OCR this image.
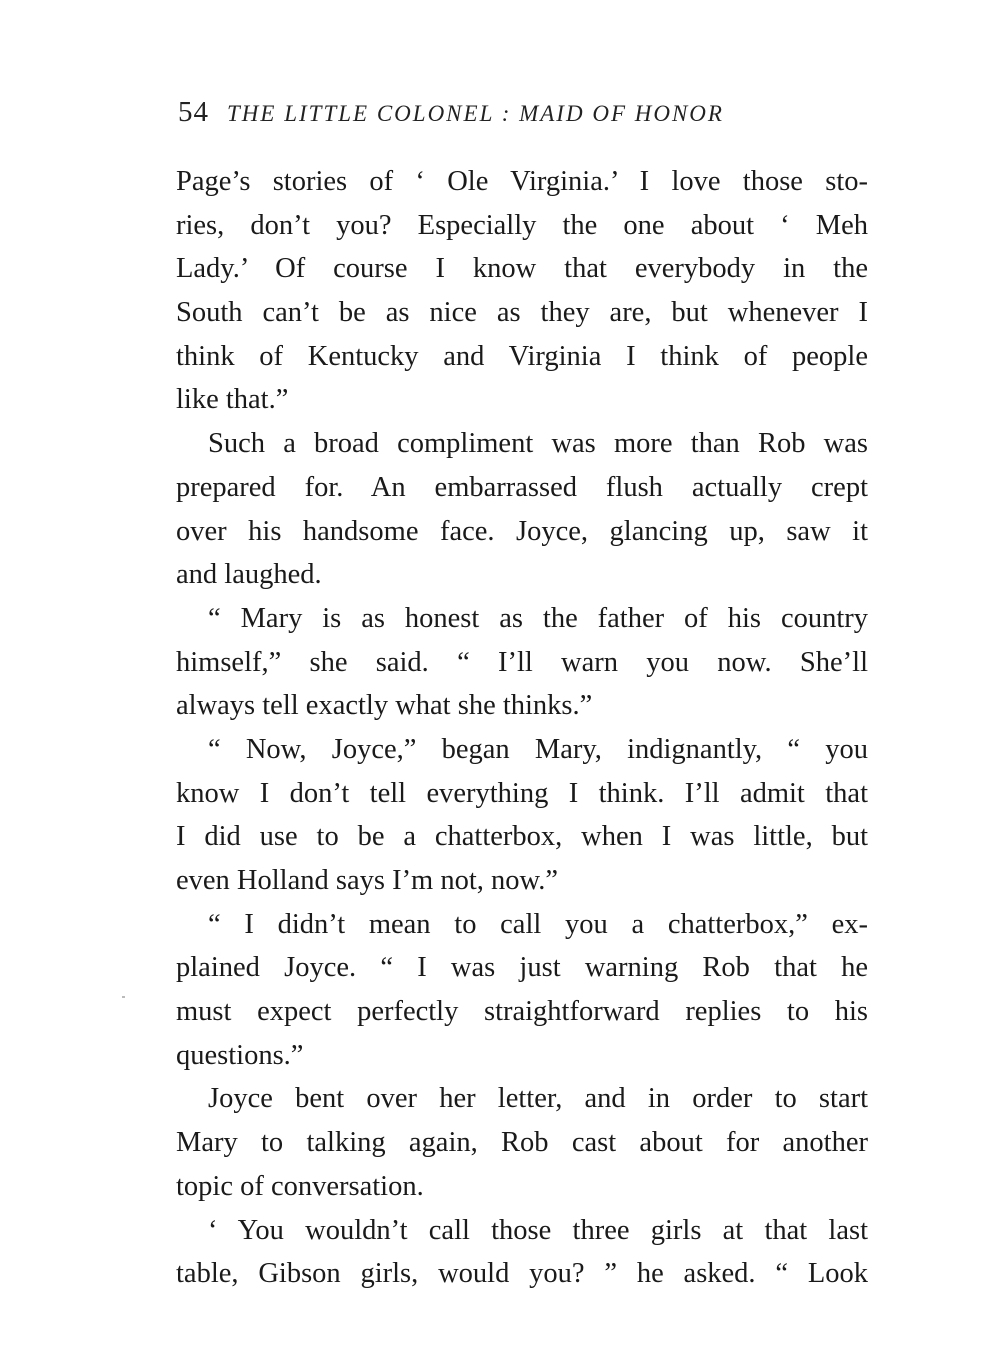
54 THE LITTLE COLONEL : MAID OF HONOR
Page’s stories of ‘ Ole Virginia.’ I love those sto-
ries, don’t you? Especially the one about ‘ Meh
Lady.’ Of course I know that everybody in the
South can’t be as nice as they are, but whenever I
think of Kentucky and Virginia I think of people
like that.”
Such a broad compliment was more than Rob was
prepared for. An embarrassed flush actually crept
over his handsome face. Joyce, glancing up, saw it
and laughed.
“ Mary is as honest as the father of his country
himself,” she said. “ I’ll warn you now. She’ll
always tell exactly what she thinks.”
“ Now, Joyce,” began Mary, indignantly, “ you
know I don’t tell everything I think. I’ll admit that
I did use to be a chatterbox, when I was little, but
even Holland says I’m not, now.”
“ I didn’t mean to call you a chatterbox,” ex-
plained Joyce. “ I was just warning Rob that he
must expect perfectly straightforward replies to his
questions.”
Joyce bent over her letter, and in order to start
Mary to talking again, Rob cast about for another
topic of conversation.
‘ You wouldn’t call those three girls at that last
table, Gibson girls, would you? ” he asked. “ Look
